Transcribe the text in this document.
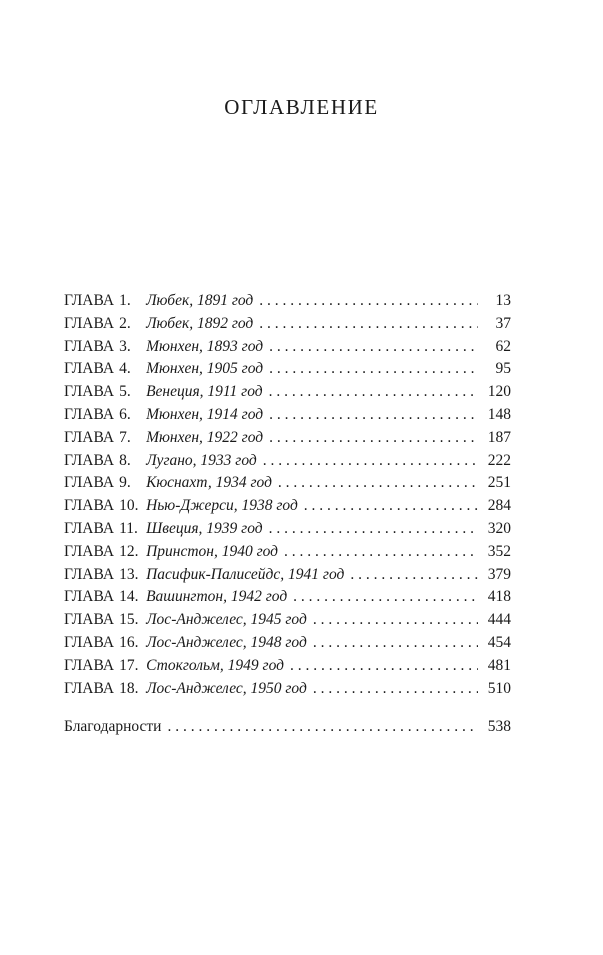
ОГЛАВЛЕНИЕ
ГЛАВА 1. Любек, 1891 год . . .	13
ГЛАВА 2. Любек, 1892 год . . .	37
ГЛАВА 3. Мюнхен, 1893 год . . .	62
ГЛАВА 4. Мюнхен, 1905 год . . .	95
ГЛАВА 5. Венеция, 1911 год . . .	120
ГЛАВА 6. Мюнхен, 1914 год . . .	148
ГЛАВА 7. Мюнхен, 1922 год . . .	187
ГЛАВА 8. Лугано, 1933 год . . .	222
ГЛАВА 9. Кюснахт, 1934 год . . .	251
ГЛАВА 10. Нью-Джерси, 1938 год . . .	284
ГЛАВА 11. Швеция, 1939 год . . .	320
ГЛАВА 12. Принстон, 1940 год . . .	352
ГЛАВА 13. Пасифик-Палисейдс, 1941 год . . .	379
ГЛАВА 14. Вашингтон, 1942 год . . .	418
ГЛАВА 15. Лос-Анджелес, 1945 год . . .	444
ГЛАВА 16. Лос-Анджелес, 1948 год . . .	454
ГЛАВА 17. Стокгольм, 1949 год . . .	481
ГЛАВА 18. Лос-Анджелес, 1950 год . . .	510
Благодарности . . .	538
